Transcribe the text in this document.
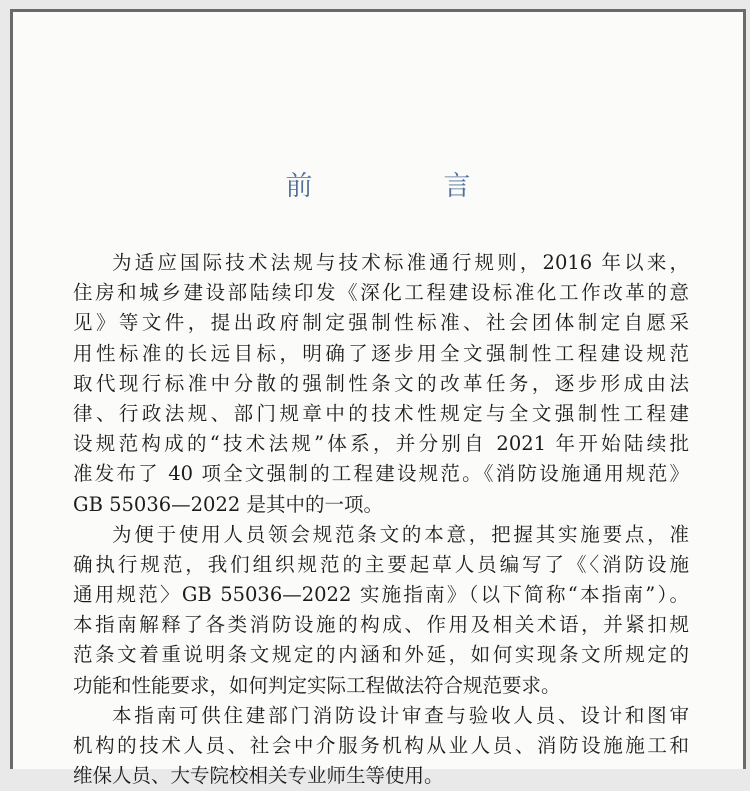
前　言
为适应国际技术法规与技术标准通行规则，2016 年以来，
住房和城乡建设部陆续印发《深化工程建设标准化工作改革的意
见》等文件，提出政府制定强制性标准、社会团体制定自愿采
用性标准的长远目标，明确了逐步用全文强制性工程建设规范
取代现行标准中分散的强制性条文的改革任务，逐步形成由法
律、行政法规、部门规章中的技术性规定与全文强制性工程建
设规范构成的“技术法规”体系，并分别自 2021 年开始陆续批
准发布了 40 项全文强制的工程建设规范。《消防设施通用规范》
GB 55036—2022 是其中的一项。
为便于使用人员领会规范条文的本意，把握其实施要点，准
确执行规范，我们组织规范的主要起草人员编写了《〈消防设施
通用规范〉GB 55036—2022 实施指南》（以下简称“本指南”）。
本指南解释了各类消防设施的构成、作用及相关术语，并紧扣规
范条文着重说明条文规定的内涵和外延，如何实现条文所规定的
功能和性能要求，如何判定实际工程做法符合规范要求。
本指南可供住建部门消防设计审查与验收人员、设计和图审
机构的技术人员、社会中介服务机构从业人员、消防设施施工和
维保人员、大专院校相关专业师生等使用。
